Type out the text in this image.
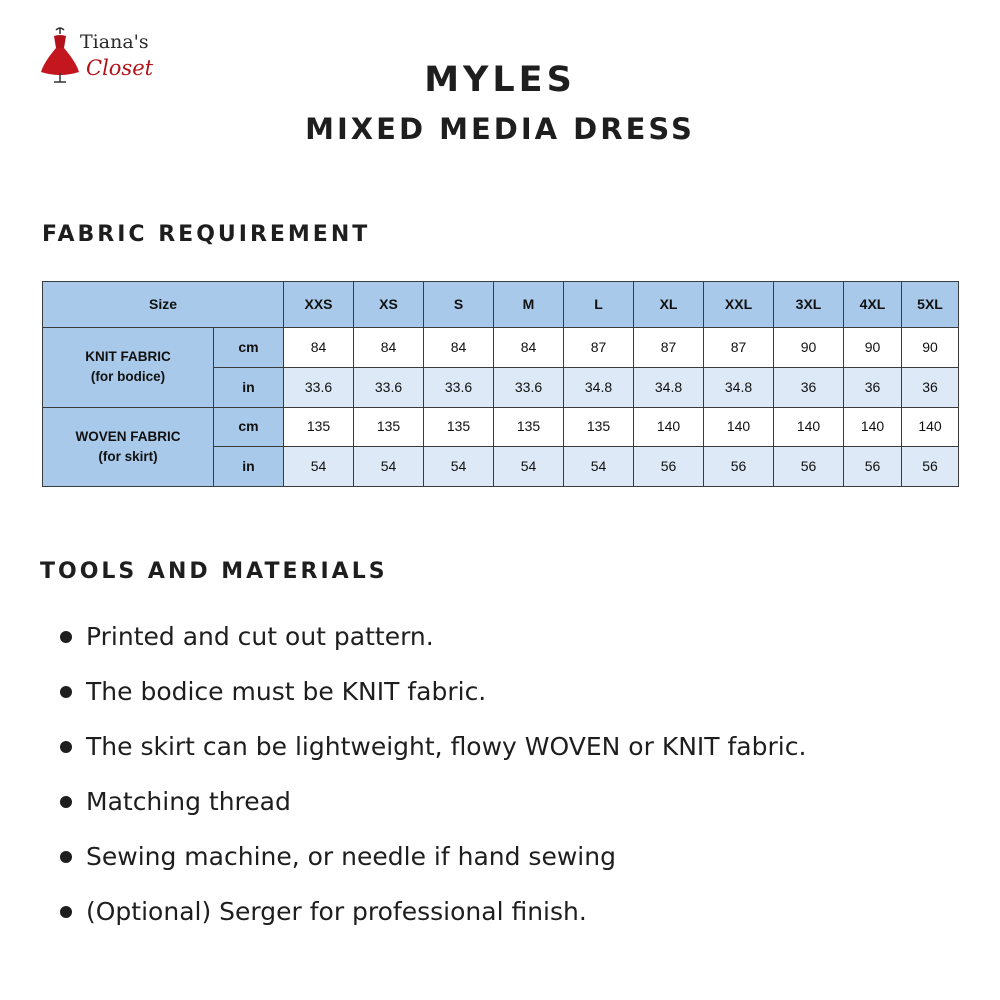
Tiana's
Closet	MYLES
MIXED MEDIA DRESS
FABRIC REQUIREMENT
Size		XXS	XS	S	M	L	XL	XXL	3XL	4XL	5XL
KNIT FABRIC
(for bodice)	cm	84	84	84	84	87	87	87	90	90	90
	in	33.6	33.6	33.6	33.6	34.8	34.8	34.8	36	36	36
WOVEN FABRIC
(for skirt)	cm	135	135	135	135	135	140	140	140	140	140
	in	54	54	54	54	54	56	56	56	56	56
TOOLS AND MATERIALS
Printed and cut out pattern.
The bodice must be KNIT fabric.
The skirt can be lightweight, flowy WOVEN or KNIT fabric.
Matching thread
Sewing machine, or needle if hand sewing
(Optional) Serger for professional finish.
